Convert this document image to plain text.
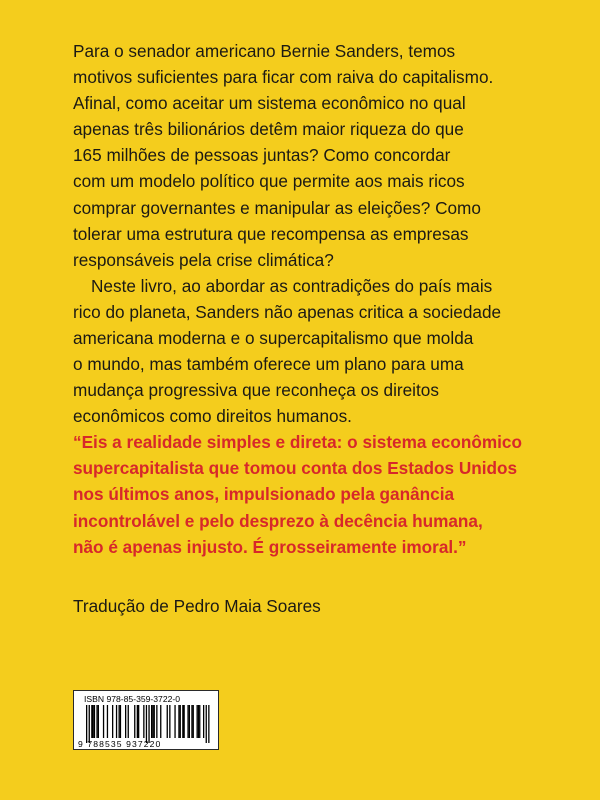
Para o senador americano Bernie Sanders, temos
motivos suficientes para ficar com raiva do capitalismo.
Afinal, como aceitar um sistema econômico no qual
apenas três bilionários detêm maior riqueza do que
165 milhões de pessoas juntas? Como concordar
com um modelo político que permite aos mais ricos
comprar governantes e manipular as eleições? Como
tolerar uma estrutura que recompensa as empresas
responsáveis pela crise climática?
Neste livro, ao abordar as contradições do país mais
rico do planeta, Sanders não apenas critica a sociedade
americana moderna e o supercapitalismo que molda
o mundo, mas também oferece um plano para uma
mudança progressiva que reconheça os direitos
econômicos como direitos humanos.
“Eis a realidade simples e direta: o sistema econômico
supercapitalista que tomou conta dos Estados Unidos
nos últimos anos, impulsionado pela ganância
incontrolável e pelo desprezo à decência humana,
não é apenas injusto. É grosseiramente imoral.”
Tradução de Pedro Maia Soares
ISBN 978-85-359-3722-0
9 788535 937220
